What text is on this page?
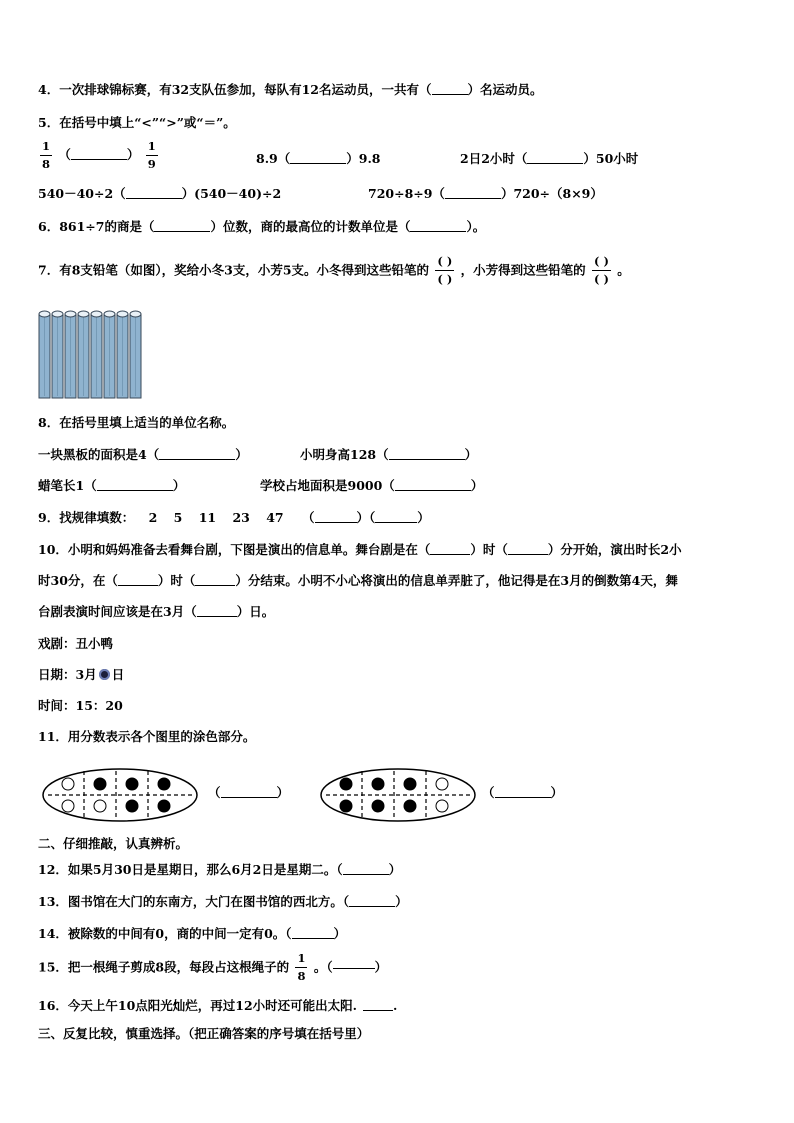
4．一次排球锦标赛，有32支队伍参加，每队有12名运动员，一共有（	）名运动员。
5．在括号中填上“<”“>”或“＝”。
$\frac{1}{8}$ （	） $\frac{1}{9}$	8.9（	）9.8	2日2小时（	）50小时
540－40÷2（	）(540－40)÷2	720÷8÷9（	）720÷（8×9）
6．861÷7的商是（	）位数，商的最高位的计数单位是（	）。
7．有8支铅笔（如图），奖给小冬3支，小芳5支。小冬得到这些铅笔的 $\frac{( )}{( )}$ ，小芳得到这些铅笔的 $\frac{( )}{( )}$ 。
8．在括号里填上适当的单位名称。
一块黑板的面积是4（	）	小明身高128（	）
蜡笔长1（	）	学校占地面积是9000（	）
9．找规律填数： 2 5 11 23 47 （	）（	）
10．小明和妈妈准备去看舞台剧，下图是演出的信息单。舞台剧是在（	）时（	）分开始，演出时长2小
时30分，在（	）时（	）分结束。小明不小心将演出的信息单弄脏了，他记得是在3月的倒数第4天，舞
台剧表演时间应该是在3月（	）日。
戏剧：丑小鸭
日期：3月 日
时间：15：20
11．用分数表示各个图里的涂色部分。
（	）	（	）
二、仔细推敲，认真辨析。
12．如果5月30日是星期日，那么6月2日是星期二。（	）
13．图书馆在大门的东南方，大门在图书馆的西北方。（	）
14．被除数的中间有0，商的中间一定有0。（	）
15．把一根绳子剪成8段，每段占这根绳子的 $\frac{1}{8}$ 。（	）
16．今天上午10点阳光灿烂，再过12小时还可能出太阳.	.
三、反复比较，慎重选择。（把正确答案的序号填在括号里）
